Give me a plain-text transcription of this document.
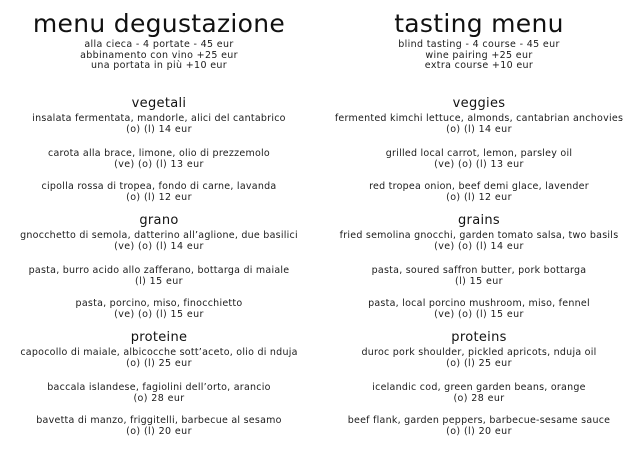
menu degustazione
alla cieca - 4 portate - 45 eur
abbinamento con vino +25 eur
una portata in più +10 eur
vegetali
insalata fermentata, mandorle, alici del cantabrico
(o) (l) 14 eur
carota alla brace, limone, olio di prezzemolo
(ve) (o) (l) 13 eur
cipolla rossa di tropea, fondo di carne, lavanda
(o) (l) 12 eur
grano
gnocchetto di semola, datterino all’aglione, due basilici
(ve) (o) (l) 14 eur
pasta, burro acido allo zafferano, bottarga di maiale
(l) 15 eur
pasta, porcino, miso, finocchietto
(ve) (o) (l) 15 eur
proteine
capocollo di maiale, albicocche sott’aceto, olio di nduja
(o) (l) 25 eur
baccala islandese, fagiolini dell’orto, arancio
(o) 28 eur
bavetta di manzo, friggitelli, barbecue al sesamo
(o) (l) 20 eur
tasting menu
blind tasting - 4 course - 45 eur
wine pairing +25 eur
extra course +10 eur
veggies
fermented kimchi lettuce, almonds, cantabrian anchovies
(o) (l) 14 eur
grilled local carrot, lemon, parsley oil
(ve) (o) (l) 13 eur
red tropea onion, beef demi glace, lavender
(o) (l) 12 eur
grains
fried semolina gnocchi, garden tomato salsa, two basils
(ve) (o) (l) 14 eur
pasta, soured saffron butter, pork bottarga
(l) 15 eur
pasta, local porcino mushroom, miso, fennel
(ve) (o) (l) 15 eur
proteins
duroc pork shoulder, pickled apricots, nduja oil
(o) (l) 25 eur
icelandic cod, green garden beans, orange
(o) 28 eur
beef flank, garden peppers, barbecue-sesame sauce
(o) (l) 20 eur
